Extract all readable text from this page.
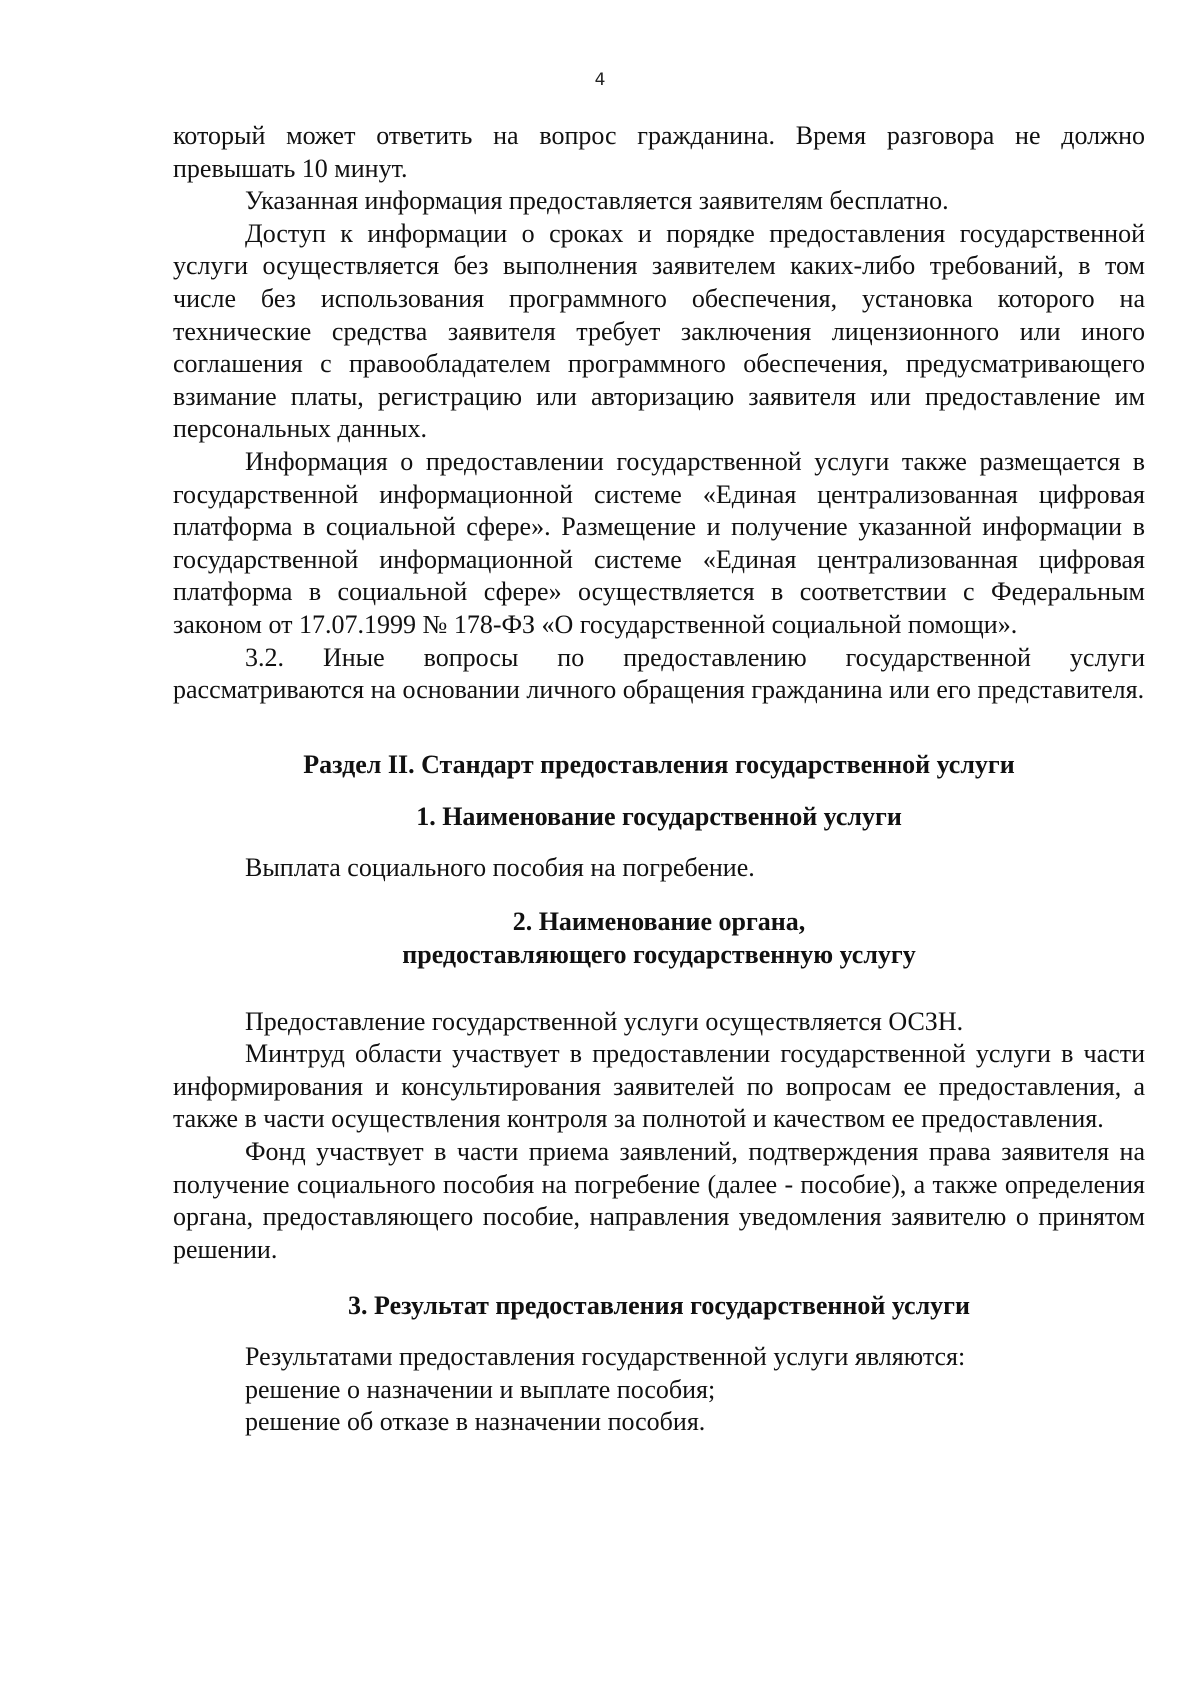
4

который может ответить на вопрос гражданина. Время разговора не должно превышать 10 минут.

Указанная информация предоставляется заявителям бесплатно.

Доступ к информации о сроках и порядке предоставления государственной услуги осуществляется без выполнения заявителем каких-либо требований, в том числе без использования программного обеспечения, установка которого на технические средства заявителя требует заключения лицензионного или иного соглашения с правообладателем программного обеспечения, предусматривающего взимание платы, регистрацию или авторизацию заявителя или предоставление им персональных данных.

Информация о предоставлении государственной услуги также размещается в государственной информационной системе «Единая централизованная цифровая платформа в социальной сфере». Размещение и получение указанной информации в государственной информационной системе «Единая централизованная цифровая платформа в социальной сфере» осуществляется в соответствии с Федеральным законом от 17.07.1999 № 178-ФЗ «О государственной социальной помощи».

3.2. Иные вопросы по предоставлению государственной услуги рассматриваются на основании личного обращения гражданина или его представителя.

Раздел II. Стандарт предоставления государственной услуги

1. Наименование государственной услуги

Выплата социального пособия на погребение.

2. Наименование органа,

предоставляющего государственную услугу

Предоставление государственной услуги осуществляется ОСЗН.

Минтруд области участвует в предоставлении государственной услуги в части информирования и консультирования заявителей по вопросам ее предоставления, а также в части осуществления контроля за полнотой и качеством ее предоставления.

Фонд участвует в части приема заявлений, подтверждения права заявителя на получение социального пособия на погребение (далее - пособие), а также определения органа, предоставляющего пособие, направления уведомления заявителю о принятом решении.

3. Результат предоставления государственной услуги

Результатами предоставления государственной услуги являются:

решение о назначении и выплате пособия;

решение об отказе в назначении пособия.
